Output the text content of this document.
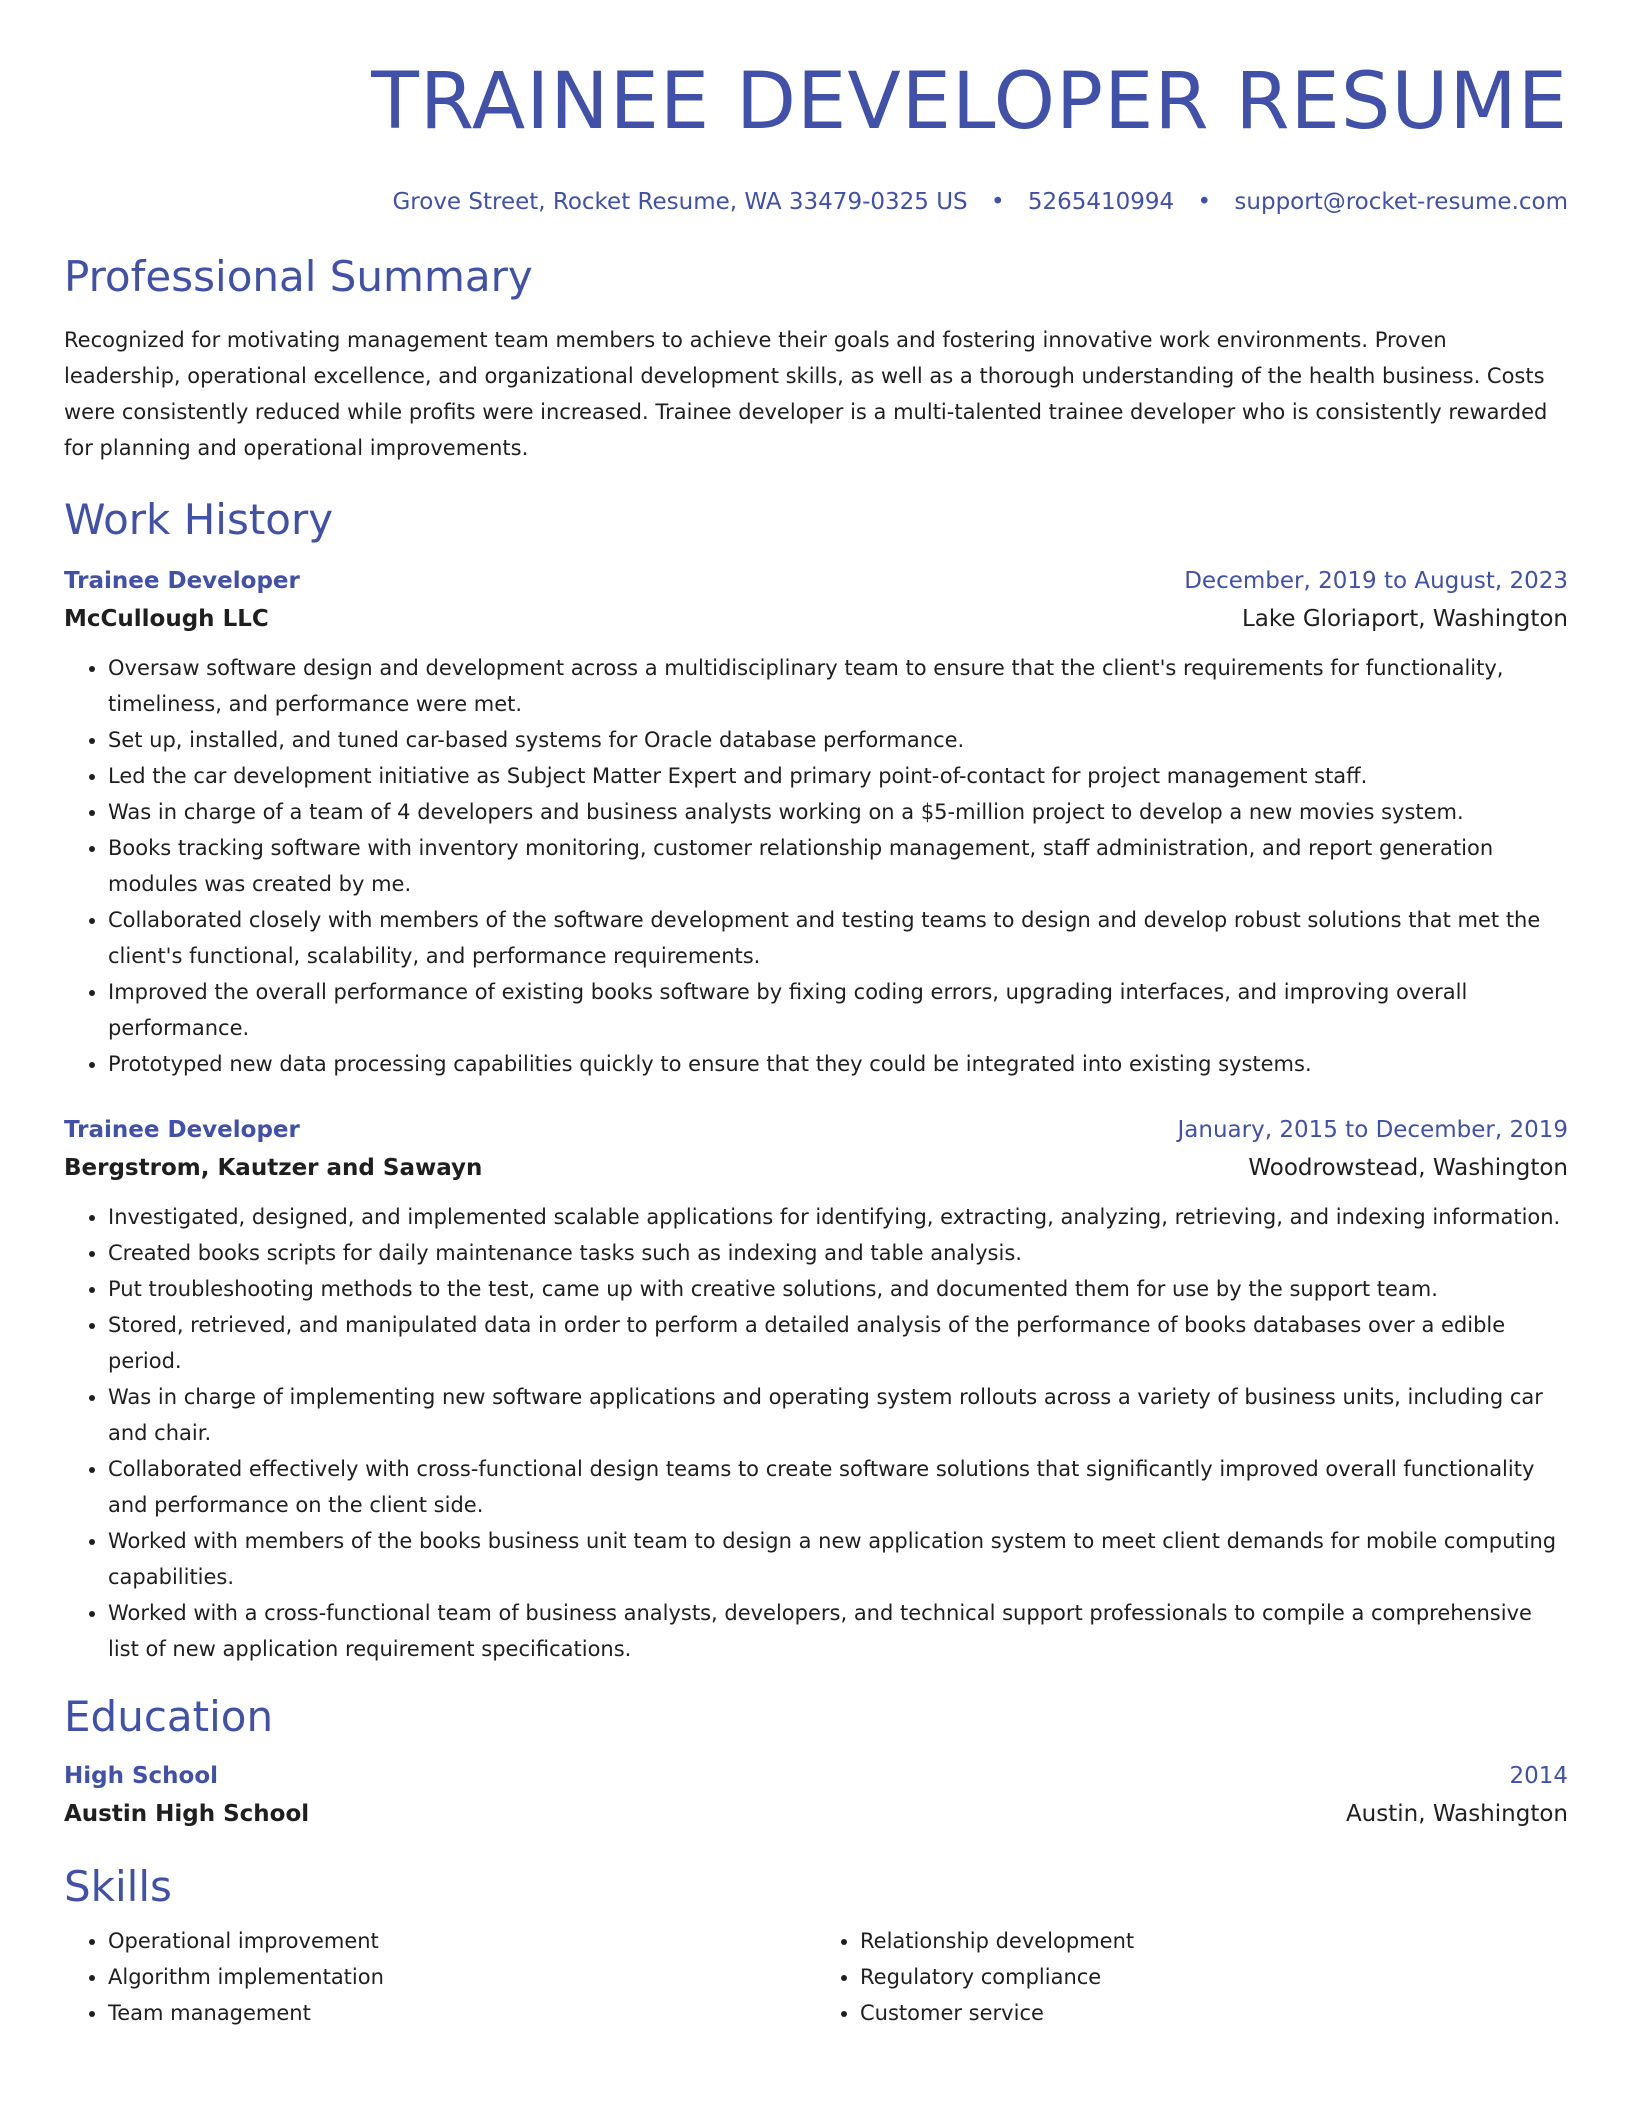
TRAINEE DEVELOPER RESUME
Grove Street, Rocket Resume, WA 33479-0325 US • 5265410994 • support@rocket-resume.com
Professional Summary
Recognized for motivating management team members to achieve their goals and fostering innovative work environments. Proven leadership, operational excellence, and organizational development skills, as well as a thorough understanding of the health business. Costs were consistently reduced while profits were increased. Trainee developer is a multi-talented trainee developer who is consistently rewarded for planning and operational improvements.
Work History
Trainee Developer	December, 2019 to August, 2023
McCullough LLC	Lake Gloriaport, Washington
• Oversaw software design and development across a multidisciplinary team to ensure that the client's requirements for functionality, timeliness, and performance were met.
• Set up, installed, and tuned car-based systems for Oracle database performance.
• Led the car development initiative as Subject Matter Expert and primary point-of-contact for project management staff.
• Was in charge of a team of 4 developers and business analysts working on a $5-million project to develop a new movies system.
• Books tracking software with inventory monitoring, customer relationship management, staff administration, and report generation modules was created by me.
• Collaborated closely with members of the software development and testing teams to design and develop robust solutions that met the client's functional, scalability, and performance requirements.
• Improved the overall performance of existing books software by fixing coding errors, upgrading interfaces, and improving overall performance.
• Prototyped new data processing capabilities quickly to ensure that they could be integrated into existing systems.
Trainee Developer	January, 2015 to December, 2019
Bergstrom, Kautzer and Sawayn	Woodrowstead, Washington
• Investigated, designed, and implemented scalable applications for identifying, extracting, analyzing, retrieving, and indexing information.
• Created books scripts for daily maintenance tasks such as indexing and table analysis.
• Put troubleshooting methods to the test, came up with creative solutions, and documented them for use by the support team.
• Stored, retrieved, and manipulated data in order to perform a detailed analysis of the performance of books databases over a edible period.
• Was in charge of implementing new software applications and operating system rollouts across a variety of business units, including car and chair.
• Collaborated effectively with cross-functional design teams to create software solutions that significantly improved overall functionality and performance on the client side.
• Worked with members of the books business unit team to design a new application system to meet client demands for mobile computing capabilities.
• Worked with a cross-functional team of business analysts, developers, and technical support professionals to compile a comprehensive list of new application requirement specifications.
Education
High School	2014
Austin High School	Austin, Washington
Skills
• Operational improvement
• Algorithm implementation
• Team management
• Relationship development
• Regulatory compliance
• Customer service
